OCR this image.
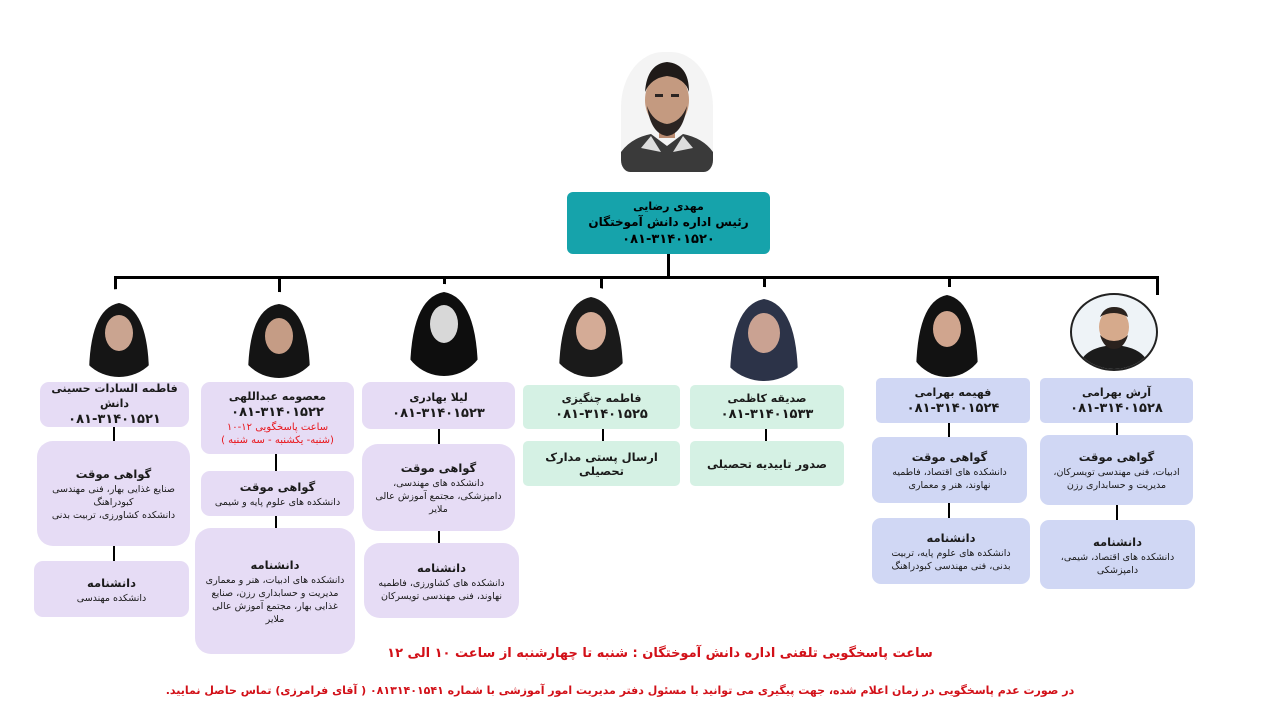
مهدی رضایی
رئیس اداره دانش آموختگان
۰۸۱-۳۱۴۰۱۵۲۰
فاطمه السادات حسینی دانش
۰۸۱-۳۱۴۰۱۵۲۱
گواهی موقت
صنایع غذایی بهار، فنی مهندسی کبودراهنگ
دانشکده کشاورزی، تربیت بدنی
دانشنامه
دانشکده مهندسی
معصومه عبداللهی
۰۸۱-۳۱۴۰۱۵۲۲
ساعت پاسخگویی ۱۲-۱۰
(شنبه- یکشنبه - سه شنبه )
گواهی موقت
دانشکده های علوم پایه و شیمی
دانشنامه
دانشکده های ادبیات، هنر و معماری
مدیریت و حسابداری رزن، صنایع غذایی بهار، مجتمع آموزش عالی ملایر
لیلا بهادری
۰۸۱-۳۱۴۰۱۵۲۳
گواهی موقت
دانشکده های مهندسی، دامپزشکی، مجتمع آموزش عالی ملایر
دانشنامه
دانشکده های کشاورزی، فاطمیه نهاوند، فنی مهندسی تویسرکان
فاطمه چنگیزی
۰۸۱-۳۱۴۰۱۵۲۵
ارسال پستی مدارک تحصیلی
صدیقه کاظمی
۰۸۱-۳۱۴۰۱۵۳۳
صدور تاییدیه تحصیلی
فهیمه بهرامی
۰۸۱-۳۱۴۰۱۵۲۴
گواهی موقت
دانشکده های اقتصاد، فاطمیه نهاوند، هنر و معماری
دانشنامه
دانشکده های علوم پایه، تربیت بدنی، فنی مهندسی کبودراهنگ
آرش بهرامی
۰۸۱-۳۱۴۰۱۵۲۸
گواهی موقت
ادبیات، فنی مهندسی تویسرکان، مدیریت و حسابداری رزن
دانشنامه
دانشکده های اقتصاد، شیمی، دامپزشکی
ساعت پاسخگویی تلفنی اداره دانش آموختگان : شنبه تا چهارشنبه از ساعت ۱۰ الی ۱۲
در صورت عدم پاسخگویی در زمان اعلام شده، جهت پیگیری می توانید با مسئول دفتر مدیریت امور آموزشی با شماره ۰۸۱۳۱۴۰۱۵۴۱ ( آقای فرامرزی) تماس حاصل نمایید.
